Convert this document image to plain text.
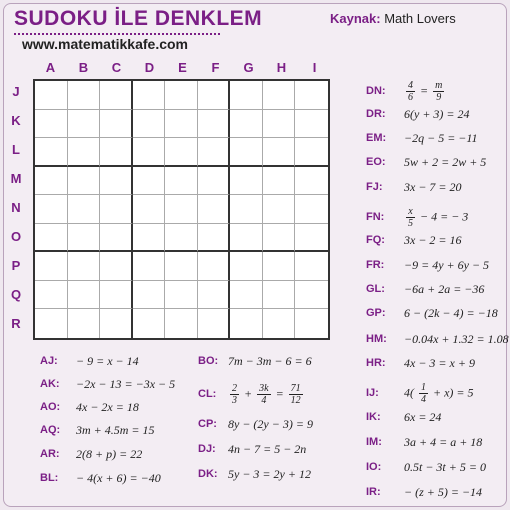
SUDOKU İLE DENKLEM
www.matematikkafe.com
Kaynak: Math Lovers
A	B	C	D	E	F	G	H	I
J
K
L
M
N
O
P
Q
R
AJ:	− 9 = x − 14
AK:	−2x − 13 = −3x − 5
AO:	4x − 2x = 18
AQ:	3m + 4.5m = 15
AR:	2(8 + p) = 22
BL:	− 4(x + 6) = −40
BO: 7m − 3m − 6 = 6
CL:	$\frac{2}{3} + \frac{3k}{4} = \frac{71}{12}$
CP: 8y − (2y − 3) = 9
DJ:	4n − 7 = 5 − 2n
DK: 5y − 3 = 2y + 12
DN:	$\frac{4}{6} = \frac{m}{9}$
DR:	6(y + 3) = 24
EM:	−2q − 5 = −11
EO:	5w + 2 = 2w + 5
FJ:	3x − 7 = 20
FN:	$\frac{x}{5} - 4$ = − 3
FQ:	3x − 2 = 16
FR:	−9 = 4y + 6y − 5
GL:	−6a + 2a = −36
GP:	6 − (2k − 4) = −18
HM:	−0.04x + 1.32 = 1.08
HR:	4x − 3 = x + 9
IJ:	$4( \frac{1}{4} + x) = 5$
IK:	6x = 24
IM:	3a + 4 = a + 18
IO:	0.5t − 3t + 5 = 0
IR:	− (z + 5) = −14
